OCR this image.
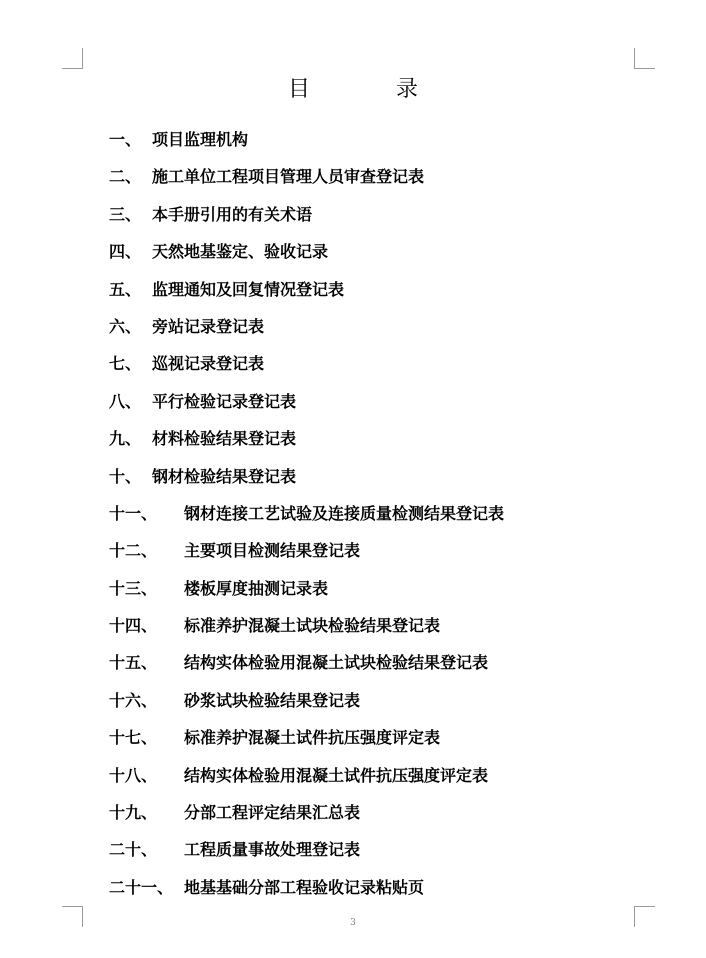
目　录
一、 项目监理机构
二、 施工单位工程项目管理人员审查登记表
三、 本手册引用的有关术语
四、 天然地基鉴定、验收记录
五、 监理通知及回复情况登记表
六、 旁站记录登记表
七、 巡视记录登记表
八、 平行检验记录登记表
九、 材料检验结果登记表
十、 钢材检验结果登记表
十一、 钢材连接工艺试验及连接质量检测结果登记表
十二、 主要项目检测结果登记表
十三、 楼板厚度抽测记录表
十四、 标准养护混凝土试块检验结果登记表
十五、 结构实体检验用混凝土试块检验结果登记表
十六、 砂浆试块检验结果登记表
十七、 标准养护混凝土试件抗压强度评定表
十八、 结构实体检验用混凝土试件抗压强度评定表
十九、 分部工程评定结果汇总表
二十、 工程质量事故处理登记表
二十一、 地基基础分部工程验收记录粘贴页
3
